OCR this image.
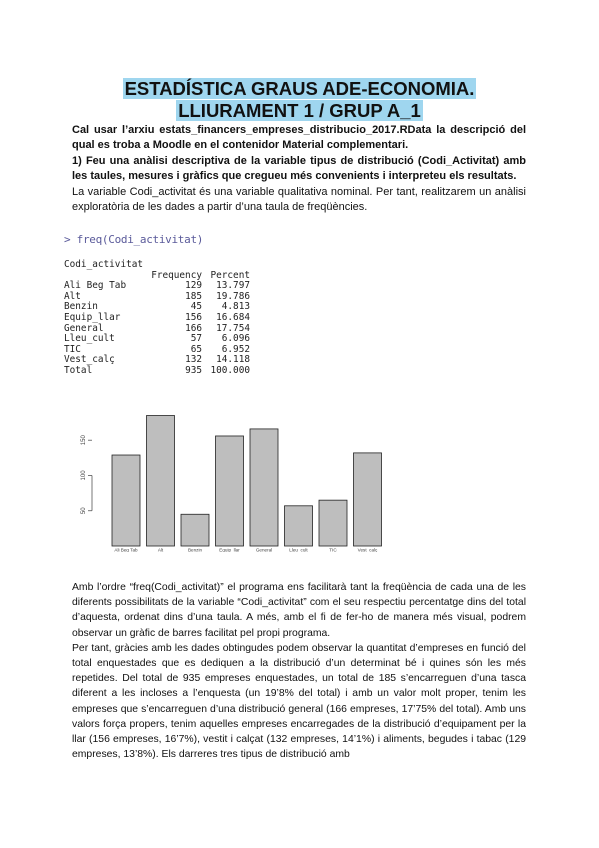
ESTADÍSTICA GRAUS ADE-ECONOMIA.
LLIURAMENT 1 / GRUP A_1
Cal usar l’arxiu estats_financers_empreses_distribucio_2017.RData la descripció del qual es troba a Moodle en el contenidor Material complementari.
1) Feu una anàlisi descriptiva de la variable tipus de distribució (Codi_Activitat) amb les taules, mesures i gràfics que cregueu més convenients i interpreteu els resultats.
La variable Codi_activitat és una variable qualitativa nominal. Per tant, realitzarem un anàlisi exploratòria de les dades a partir d’una taula de freqüències.
> freq(Codi_activitat)
Codi_activitat		
	Frequency	Percent
Ali Beg Tab	129	13.797
Alt	185	19.786
Benzin	45	4.813
Equip_llar	156	16.684
General	166	17.754
Lleu_cult	57	6.096
TIC	65	6.952
Vest_calç	132	14.118
Total	935	100.000
50
100
150
Ali Beg Tab	Alt	Benzin	Equip_llar	General	Lleu_cult	TIC	Vest_calç

Amb l’ordre “freq(Codi_activitat)” el programa ens facilitarà tant la freqüència de cada una de les diferents possibilitats de la variable “Codi_activitat” com el seu respectiu percentatge dins del total d’aquesta, ordenat dins d’una taula. A més, amb el fi de fer-ho de manera més visual, podrem observar un gràfic de barres facilitat pel propi programa.

Per tant, gràcies amb les dades obtingudes podem observar la quantitat d’empreses en funció del total enquestades que es dediquen a la distribució d’un determinat bé i quines són les més repetides. Del total de 935 empreses enquestades, un total de 185 s’encarreguen d’una tasca diferent a les incloses a l’enquesta (un 19’8% del total) i amb un valor molt proper, tenim les empreses que s’encarreguen d’una distribució general (166 empreses, 17’75% del total). Amb uns valors força propers, tenim aquelles empreses encarregades de la distribució d’equipament per la llar (156 empreses, 16’7%), vestit i calçat (132 empreses, 14’1%) i aliments, begudes i tabac (129 empreses, 13’8%). Els darreres tres tipus de distribució amb
